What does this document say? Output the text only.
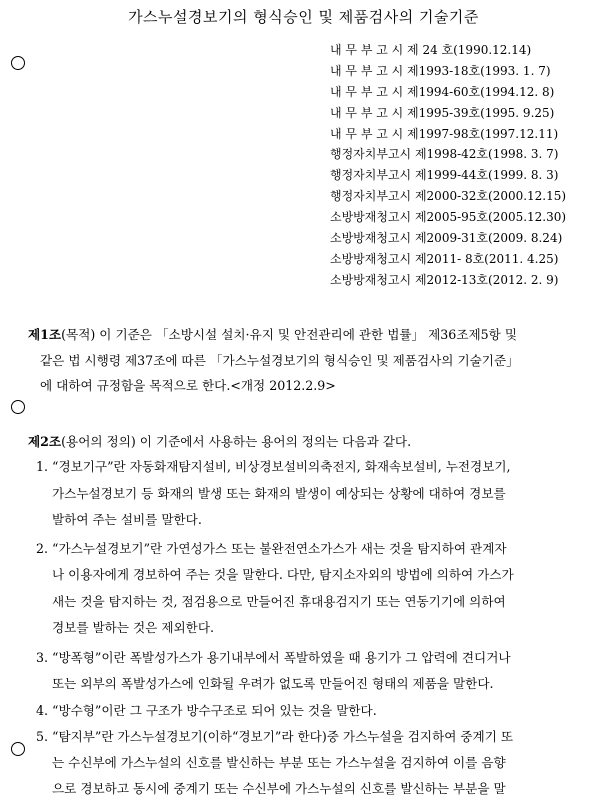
가스누설경보기의 형식승인 및 제품검사의 기술기준
내 무 부 고 시 제 24 호(1990.12.14)
내 무 부 고 시 제1993-18호(1993. 1. 7)
내 무 부 고 시 제1994-60호(1994.12. 8)
내 무 부 고 시 제1995-39호(1995. 9.25)
내 무 부 고 시 제1997-98호(1997.12.11)
행정자치부고시 제1998-42호(1998. 3. 7)
행정자치부고시 제1999-44호(1999. 8. 3)
행정자치부고시 제2000-32호(2000.12.15)
소방방재청고시 제2005-95호(2005.12.30)
소방방재청고시 제2009-31호(2009. 8.24)
소방방재청고시 제2011- 8호(2011. 4.25)
소방방재청고시 제2012-13호(2012. 2. 9)
제1조(목적) 이 기준은 「소방시설 설치·유지 및 안전관리에 관한 법률」 제36조제5항 및
같은 법 시행령 제37조에 따른 「가스누설경보기의 형식승인 및 제품검사의 기술기준」
에 대하여 규정함을 목적으로 한다.<개정 2012.2.9>
제2조(용어의 정의) 이 기준에서 사용하는 용어의 정의는 다음과 같다.
1. “경보기구”란 자동화재탐지설비, 비상경보설비의축전지, 화재속보설비, 누전경보기,
가스누설경보기 등 화재의 발생 또는 화재의 발생이 예상되는 상황에 대하여 경보를
발하여 주는 설비를 말한다.
2. “가스누설경보기”란 가연성가스 또는 불완전연소가스가 새는 것을 탐지하여 관계자
나 이용자에게 경보하여 주는 것을 말한다. 다만, 탐지소자외의 방법에 의하여 가스가
새는 것을 탐지하는 것, 점검용으로 만들어진 휴대용검지기 또는 연동기기에 의하여
경보를 발하는 것은 제외한다.
3. “방폭형”이란 폭발성가스가 용기내부에서 폭발하였을 때 용기가 그 압력에 견디거나
또는 외부의 폭발성가스에 인화될 우려가 없도록 만들어진 형태의 제품을 말한다.
4. “방수형”이란 그 구조가 방수구조로 되어 있는 것을 말한다.
5. “탐지부”란 가스누설경보기(이하“경보기”라 한다)중 가스누설을 검지하여 중계기 또
는 수신부에 가스누설의 신호를 발신하는 부분 또는 가스누설을 검지하여 이를 음향
으로 경보하고 동시에 중계기 또는 수신부에 가스누설의 신호를 발신하는 부분을 말
